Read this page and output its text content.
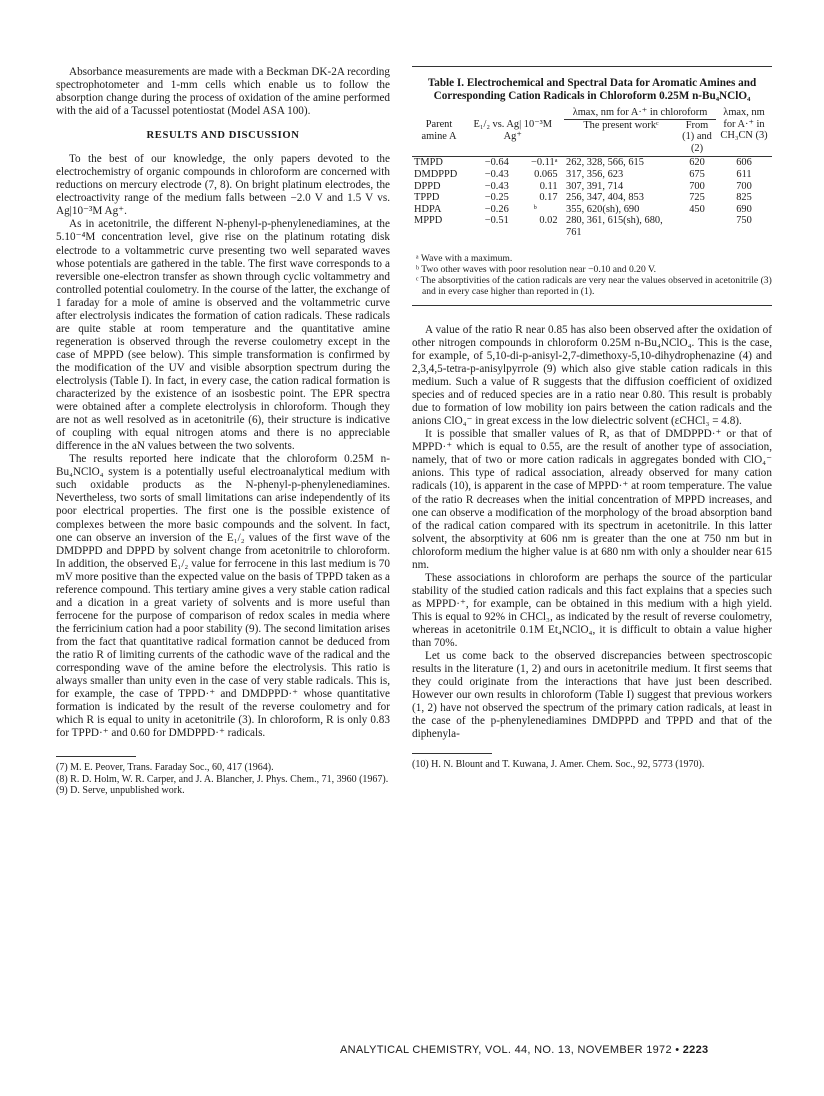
Absorbance measurements are made with a Beckman DK-2A recording spectrophotometer and 1-mm cells which enable us to follow the absorption change during the process of oxidation of the amine performed with the aid of a Tacussel potentiostat (Model ASA 100).

RESULTS AND DISCUSSION

To the best of our knowledge, the only papers devoted to the electrochemistry of organic compounds in chloroform are concerned with reductions on mercury electrode (7, 8). On bright platinum electrodes, the electroactivity range of the medium falls between −2.0 V and 1.5 V vs. Ag|10⁻³M Ag⁺.

As in acetonitrile, the different N-phenyl-p-phenylenediamines, at the 5.10⁻⁴M concentration level, give rise on the platinum rotating disk electrode to a voltammetric curve presenting two well separated waves whose potentials are gathered in the table. The first wave corresponds to a reversible one-electron transfer as shown through cyclic voltammetry and controlled potential coulometry. In the course of the latter, the exchange of 1 faraday for a mole of amine is observed and the voltammetric curve after electrolysis indicates the formation of cation radicals. These radicals are quite stable at room temperature and the quantitative amine regeneration is observed through the reverse coulometry except in the case of MPPD (see below). This simple transformation is confirmed by the modification of the UV and visible absorption spectrum during the electrolysis (Table I). In fact, in every case, the cation radical formation is characterized by the existence of an isosbestic point. The EPR spectra were obtained after a complete electrolysis in chloroform. Though they are not as well resolved as in acetonitrile (6), their structure is indicative of coupling with equal nitrogen atoms and there is no appreciable difference in the aN values between the two solvents.

The results reported here indicate that the chloroform 0.25M n-Bu₄NClO₄ system is a potentially useful electroanalytical medium with such oxidable products as the N-phenyl-p-phenylenediamines. Nevertheless, two sorts of small limitations can arise independently of its poor electrical properties. The first one is the possible existence of complexes between the more basic compounds and the solvent. In fact, one can observe an inversion of the E₁/₂ values of the first wave of the DMDPPD and DPPD by solvent change from acetonitrile to chloroform. In addition, the observed E₁/₂ value for ferrocene in this last medium is 70 mV more positive than the expected value on the basis of TPPD taken as a reference compound. This tertiary amine gives a very stable cation radical and a dication in a great variety of solvents and is more useful than ferrocene for the purpose of comparison of redox scales in media where the ferricinium cation had a poor stability (9). The second limitation arises from the fact that quantitative radical formation cannot be deduced from the ratio R of limiting currents of the cathodic wave of the radical and the corresponding wave of the amine before the electrolysis. This ratio is always smaller than unity even in the case of very stable radicals. This is, for example, the case of TPPD·⁺ and DMDPPD·⁺ whose quantitative formation is indicated by the result of the reverse coulometry and for which R is equal to unity in acetonitrile (3). In chloroform, R is only 0.83 for TPPD·⁺ and 0.60 for DMDPPD·⁺ radicals.

(7) M. E. Peover, Trans. Faraday Soc., 60, 417 (1964).

(8) R. D. Holm, W. R. Carper, and J. A. Blancher, J. Phys. Chem., 71, 3960 (1967).

(9) D. Serve, unpublished work.

Table I. Electrochemical and Spectral Data for Aromatic Amines and Corresponding Cation Radicals in Chloroform 0.25M n-Bu₄NClO₄

				λmax, nm for A·⁺ in chloroform		λmax, nm for A·⁺ in CH₃CN (3)
Parent amine A	E₁/₂ vs. Ag| 10⁻³M Ag⁺			The present workᶜ	From (1) and (2)	

TMPD	−0.64	−0.11ᵃ		262, 328, 566, 615	620	606
DMDPPD	−0.43	0.065		317, 356, 623	675	611
DPPD	−0.43	0.11		307, 391, 714	700	700
TPPD	−0.25	0.17		256, 347, 404, 853	725	825
HDPA	−0.26	ᵇ		355, 620(sh), 690	450	690
MPPD	−0.51	0.02		280, 361, 615(sh), 680, 761		750

ᵃ Wave with a maximum.

ᵇ Two other waves with poor resolution near −0.10 and 0.20 V.

ᶜ The absorptivities of the cation radicals are very near the values observed in acetonitrile (3) and in every case higher than reported in (1).

A value of the ratio R near 0.85 has also been observed after the oxidation of other nitrogen compounds in chloroform 0.25M n-Bu₄NClO₄. This is the case, for example, of 5,10-di-p-anisyl-2,7-dimethoxy-5,10-dihydrophenazine (4) and 2,3,4,5-tetra-p-anisylpyrrole (9) which also give stable cation radicals in this medium. Such a value of R suggests that the diffusion coefficient of oxidized species and of reduced species are in a ratio near 0.80. This result is probably due to formation of low mobility ion pairs between the cation radicals and the anions ClO₄⁻ in great excess in the low dielectric solvent (εCHCl₃ = 4.8).

It is possible that smaller values of R, as that of DMDPPD·⁺ or that of MPPD·⁺ which is equal to 0.55, are the result of another type of association, namely, that of two or more cation radicals in aggregates bonded with ClO₄⁻ anions. This type of radical association, already observed for many cation radicals (10), is apparent in the case of MPPD·⁺ at room temperature. The value of the ratio R decreases when the initial concentration of MPPD increases, and one can observe a modification of the morphology of the broad absorption band of the radical cation compared with its spectrum in acetonitrile. In this latter solvent, the absorptivity at 606 nm is greater than the one at 750 nm but in chloroform medium the higher value is at 680 nm with only a shoulder near 615 nm.

These associations in chloroform are perhaps the source of the particular stability of the studied cation radicals and this fact explains that a species such as MPPD·⁺, for example, can be obtained in this medium with a high yield. This is equal to 92% in CHCl₃, as indicated by the result of reverse coulometry, whereas in acetonitrile 0.1M Et₄NClO₄, it is difficult to obtain a value higher than 70%.

Let us come back to the observed discrepancies between spectroscopic results in the literature (1, 2) and ours in acetonitrile medium. It first seems that they could originate from the interactions that have just been described. However our own results in chloroform (Table I) suggest that previous workers (1, 2) have not observed the spectrum of the primary cation radicals, at least in the case of the p-phenylenediamines DMDPPD and TPPD and that of the diphenyla-

(10) H. N. Blount and T. Kuwana, J. Amer. Chem. Soc., 92, 5773 (1970).

ANALYTICAL CHEMISTRY, VOL. 44, NO. 13, NOVEMBER 1972 • 2223
